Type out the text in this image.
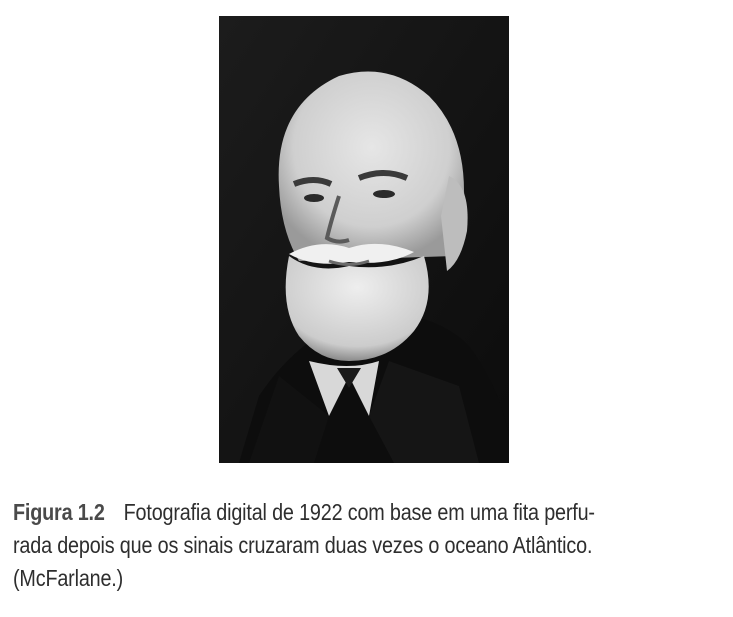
Figura 1.2 Fotografia digital de 1922 com base em uma fita perfu-
rada depois que os sinais cruzaram duas vezes o oceano Atlântico.
(McFarlane.)
